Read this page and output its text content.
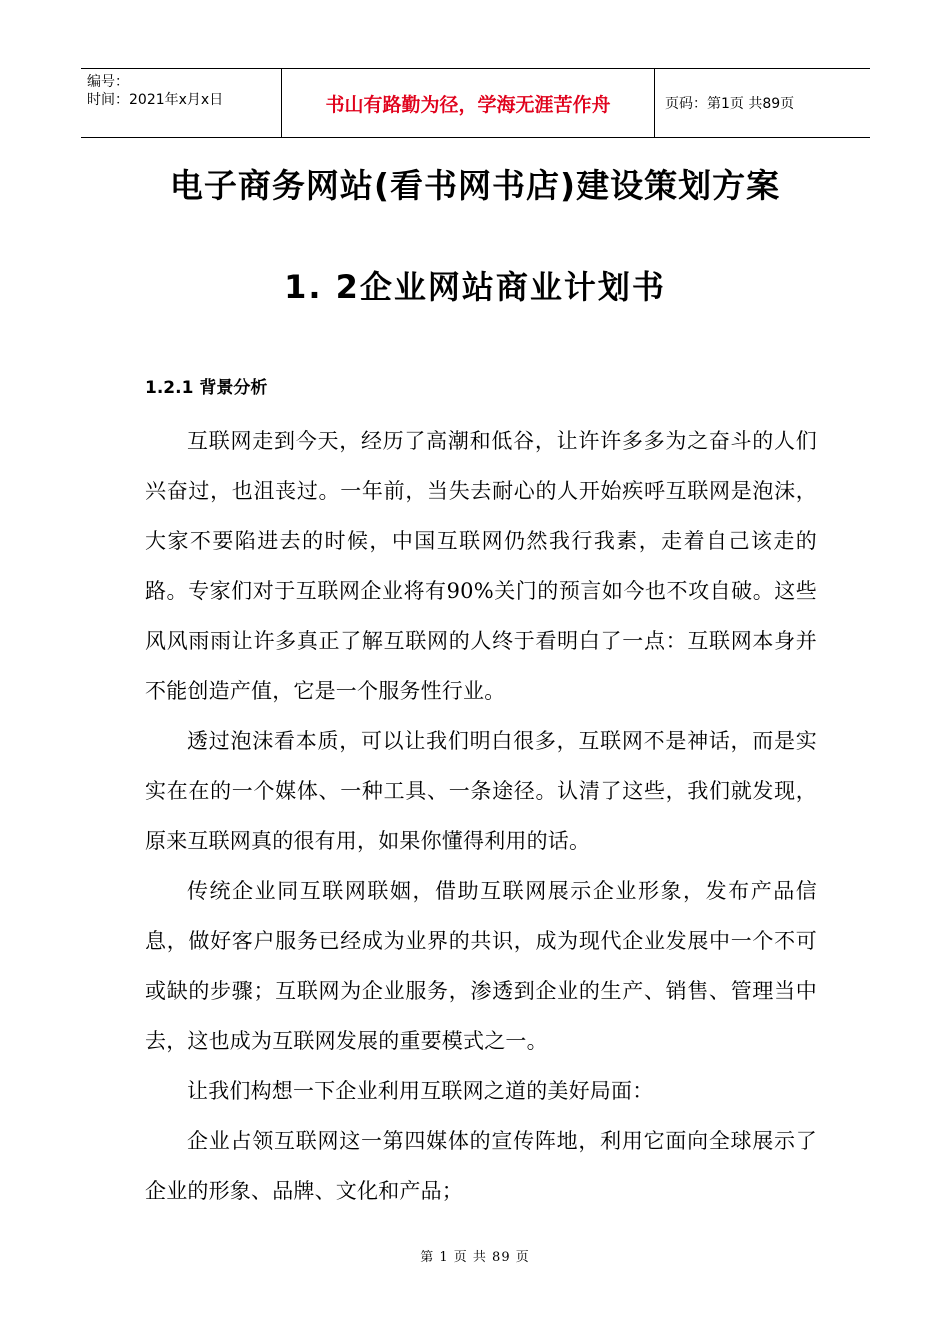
编号：
时间：2021年x月x日	书山有路勤为径，学海无涯苦作舟	页码：第1页 共89页
电子商务网站(看书网书店)建设策划方案
1. 2企业网站商业计划书
1.2.1 背景分析

互联网走到今天，经历了高潮和低谷，让许许多多为之奋斗的人们兴奋过，也沮丧过。一年前，当失去耐心的人开始疾呼互联网是泡沫，大家不要陷进去的时候，中国互联网仍然我行我素，走着自己该走的路。专家们对于互联网企业将有90%关门的预言如今也不攻自破。这些风风雨雨让许多真正了解互联网的人终于看明白了一点：互联网本身并不能创造产值，它是一个服务性行业。

透过泡沫看本质，可以让我们明白很多，互联网不是神话，而是实实在在的一个媒体、一种工具、一条途径。认清了这些，我们就发现，原来互联网真的很有用，如果你懂得利用的话。

传统企业同互联网联姻，借助互联网展示企业形象，发布产品信息，做好客户服务已经成为业界的共识，成为现代企业发展中一个不可或缺的步骤；互联网为企业服务，渗透到企业的生产、销售、管理当中去，这也成为互联网发展的重要模式之一。

让我们构想一下企业利用互联网之道的美好局面：

企业占领互联网这一第四媒体的宣传阵地，利用它面向全球展示了企业的形象、品牌、文化和产品；

第 1 页 共 89 页
